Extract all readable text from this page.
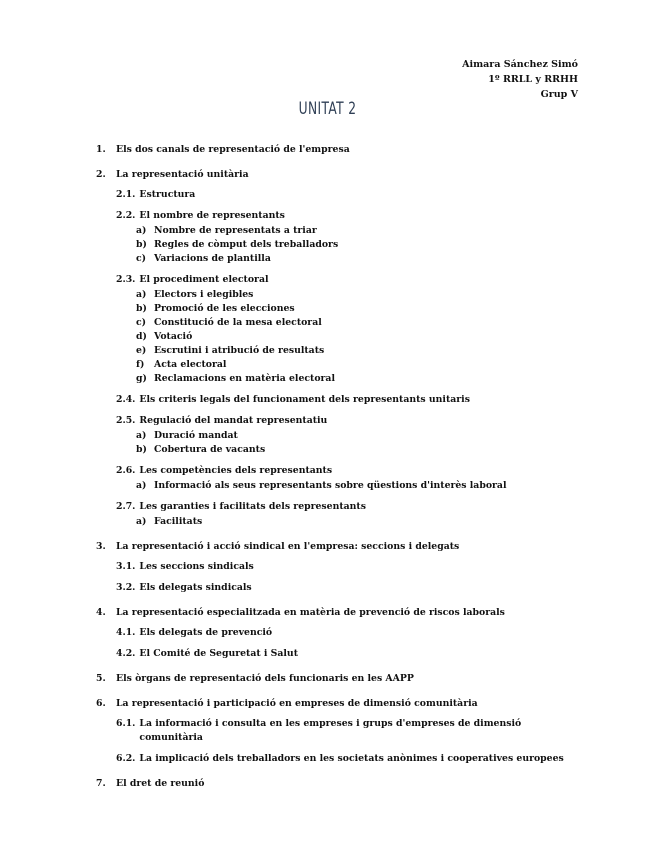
Aimara Sánchez Simó
1º RRLL y RRHH
Grup V
UNITAT 2
1.	Els dos canals de representació de l'empresa
2.	La representació unitària
2.1. Estructura
2.2. El nombre de representants
a) Nombre de representats a triar
b) Regles de còmput dels treballadors
c) Variacions de plantilla
2.3. El procediment electoral
a) Electors i elegibles
b) Promoció de les elecciones
c) Constitució de la mesa electoral
d) Votació
e) Escrutini i atribució de resultats
f)	Acta electoral
g) Reclamacions en matèria electoral
2.4. Els criteris legals del funcionament dels representants unitaris
2.5. Regulació del mandat representatiu
a) Duració mandat
b) Cobertura de vacants
2.6. Les competències dels representants
a) Informació als seus representants sobre qüestions d'interès laboral
2.7. Les garanties i facilitats dels representants
a) Facilitats
3.	La representació i acció sindical en l'empresa: seccions i delegats
3.1. Les seccions sindicals
3.2. Els delegats sindicals
4.	La representació especialitzada en matèria de prevenció de riscos laborals
4.1. Els delegats de prevenció
4.2. El Comité de Seguretat i Salut
5.	Els òrgans de representació dels funcionaris en les AAPP
6.	La representació i participació en empreses de dimensió comunitària
6.1. La informació i consulta en les empreses i grups d'empreses de dimensió comunitària
6.2. La implicació dels treballadors en les societats anònimes i cooperatives europees
7.	El dret de reunió
